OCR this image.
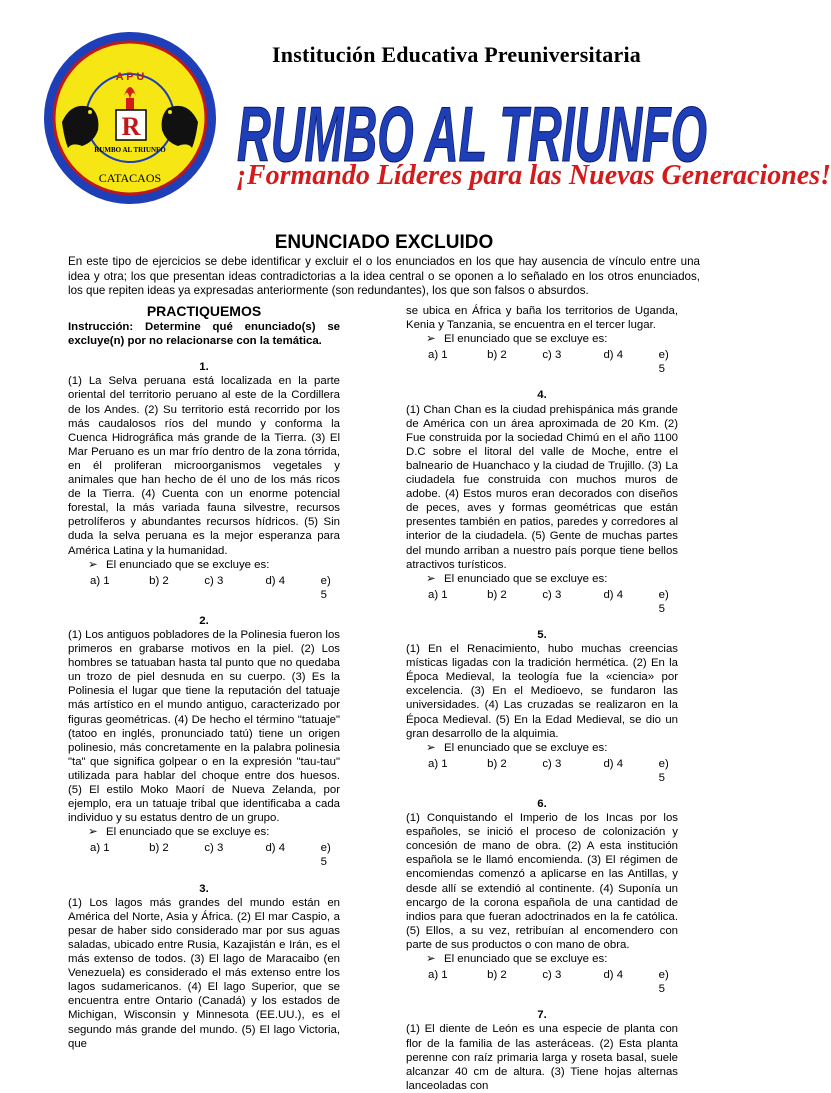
A P U
R
RUMBO AL TRIUNFO
CATACAOS
Institución Educativa Preuniversitaria
RUMBO AL TRIUNFO
¡Formando Líderes para las Nuevas Generaciones!
ENUNCIADO EXCLUIDO
En este tipo de ejercicios se debe identificar y excluir el o los enunciados en los que hay ausencia de vínculo entre una idea y otra; los que presentan ideas contradictorias a la idea central o se oponen a lo señalado en los otros enunciados, los que repiten ideas ya expresadas anteriormente (son redundantes), los que son falsos o absurdos.

PRACTIQUEMOS

Instrucción: Determine qué enunciado(s) se excluye(n) por no relacionarse con la temática.

1.

(1) La Selva peruana está localizada en la parte oriental del territorio peruano al este de la Cordillera de los Andes. (2) Su territorio está recorrido por los más caudalosos ríos del mundo y conforma la Cuenca Hidrográfica más grande de la Tierra. (3) El Mar Peruano es un mar frío dentro de la zona tórrida, en él proliferan microorganismos vegetales y animales que han hecho de él uno de los más ricos de la Tierra. (4) Cuenta con un enorme potencial forestal, la más variada fauna silvestre, recursos petrolíferos y abundantes recursos hídricos. (5) Sin duda la selva peruana es la mejor esperanza para América Latina y la humanidad.

➢ El enunciado que se excluye es:

a) 1	b) 2	c) 3	d) 4	e) 5

2.

(1) Los antiguos pobladores de la Polinesia fueron los primeros en grabarse motivos en la piel. (2) Los hombres se tatuaban hasta tal punto que no quedaba un trozo de piel desnuda en su cuerpo. (3) Es la Polinesia el lugar que tiene la reputación del tatuaje más artístico en el mundo antiguo, caracterizado por figuras geométricas. (4) De hecho el término "tatuaje" (tatoo en inglés, pronunciado tatú) tiene un origen polinesio, más concretamente en la palabra polinesia "ta" que significa golpear o en la expresión "tau-tau" utilizada para hablar del choque entre dos huesos. (5) El estilo Moko Maorí de Nueva Zelanda, por ejemplo, era un tatuaje tribal que identificaba a cada individuo y su estatus dentro de un grupo.

➢ El enunciado que se excluye es:

a) 1	b) 2	c) 3	d) 4	e) 5

3.

(1) Los lagos más grandes del mundo están en América del Norte, Asia y África. (2) El mar Caspio, a pesar de haber sido considerado mar por sus aguas saladas, ubicado entre Rusia, Kazajistán e Irán, es el más extenso de todos. (3) El lago de Maracaibo (en Venezuela) es considerado el más extenso entre los lagos sudamericanos. (4) El lago Superior, que se encuentra entre Ontario (Canadá) y los estados de Michigan, Wisconsin y Minnesota (EE.UU.), es el segundo más grande del mundo. (5) El lago Victoria, que

se ubica en África y baña los territorios de Uganda, Kenia y Tanzania, se encuentra en el tercer lugar.

➢ El enunciado que se excluye es:

a) 1	b) 2	c) 3	d) 4	e) 5

4.

(1) Chan Chan es la ciudad prehispánica más grande de América con un área aproximada de 20 Km. (2) Fue construida por la sociedad Chimú en el año 1100 D.C sobre el litoral del valle de Moche, entre el balneario de Huanchaco y la ciudad de Trujillo. (3) La ciudadela fue construida con muchos muros de adobe. (4) Estos muros eran decorados con diseños de peces, aves y formas geométricas que están presentes también en patios, paredes y corredores al interior de la ciudadela. (5) Gente de muchas partes del mundo arriban a nuestro país porque tiene bellos atractivos turísticos.

➢ El enunciado que se excluye es:

a) 1	b) 2	c) 3	d) 4	e) 5

5.

(1) En el Renacimiento, hubo muchas creencias místicas ligadas con la tradición hermética. (2) En la Época Medieval, la teología fue la «ciencia» por excelencia. (3) En el Medioevo, se fundaron las universidades. (4) Las cruzadas se realizaron en la Época Medieval. (5) En la Edad Medieval, se dio un gran desarrollo de la alquimia.

➢ El enunciado que se excluye es:

a) 1	b) 2	c) 3	d) 4	e) 5

6.

(1) Conquistando el Imperio de los Incas por los españoles, se inició el proceso de colonización y concesión de mano de obra. (2) A esta institución española se le llamó encomienda. (3) El régimen de encomiendas comenzó a aplicarse en las Antillas, y desde allí se extendió al continente. (4) Suponía un encargo de la corona española de una cantidad de indios para que fueran adoctrinados en la fe católica. (5) Ellos, a su vez, retribuían al encomendero con parte de sus productos o con mano de obra.

➢ El enunciado que se excluye es:

a) 1	b) 2	c) 3	d) 4	e) 5

7.

(1) El diente de León es una especie de planta con flor de la familia de las asteráceas. (2) Esta planta perenne con raíz primaria larga y roseta basal, suele alcanzar 40 cm de altura. (3) Tiene hojas alternas lanceoladas con
